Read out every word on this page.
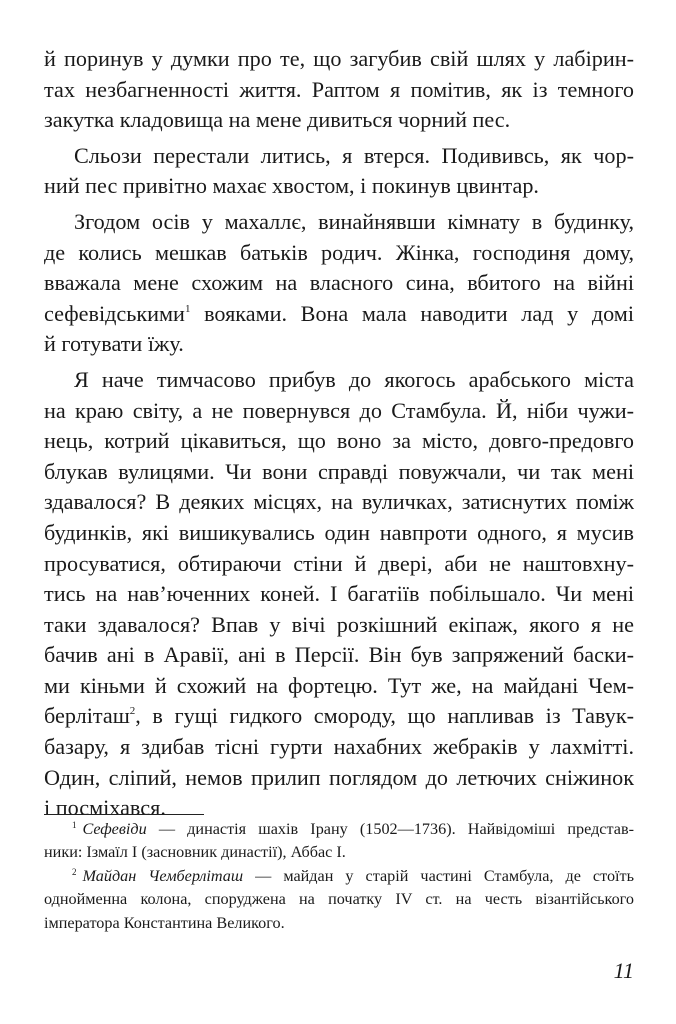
й поринув у думки про те, що загубив свій шлях у лабірин-
тах незбагненності життя. Раптом я помітив, як із темного
закутка кладовища на мене дивиться чорний пес.
Сльози перестали литись, я втерся. Подививсь, як чор-
ний пес привітно махає хвостом, і покинув цвинтар.
Згодом осів у махаллє, винайнявши кімнату в будинку,
де колись мешкав батьків родич. Жінка, господиня дому,
вважала мене схожим на власного сина, вбитого на війні
сефевідськими$^1$ вояками. Вона мала наводити лад у домі
й готувати їжу.
Я наче тимчасово прибув до якогось арабського міста
на краю світу, а не повернувся до Стамбула. Й, ніби чужи-
нець, котрий цікавиться, що воно за місто, довго-предовго
блукав вулицями. Чи вони справді повужчали, чи так мені
здавалося? В деяких місцях, на вуличках, затиснутих поміж
будинків, які вишикувались один навпроти одного, я мусив
просуватися, обтираючи стіни й двері, аби не наштовхну-
тись на нав’юченних коней. І багатіїв побільшало. Чи мені
таки здавалося? Впав у вічі розкішний екіпаж, якого я не
бачив ані в Аравії, ані в Персії. Він був запряжений баски-
ми кіньми й схожий на фортецю. Тут же, на майдані Чем-
берліташ$^2$, в гущі гидкого смороду, що напливав із Тавук-
базару, я здибав тісні гурти нахабних жебраків у лахмітті.
Один, сліпий, немов прилип поглядом до летючих сніжинок
і посміхався.
$^1$ Сефевіди — династія шахів Ірану (1502—1736). Найвідоміші представ-
ники: Ізмаїл I (засновник династії), Аббас I.
$^2$ Майдан Чемберліташ — майдан у старій частині Стамбула, де стоїть
однойменна колона, споруджена на початку IV ст. на честь візантійського
імператора Константина Великого.
11
